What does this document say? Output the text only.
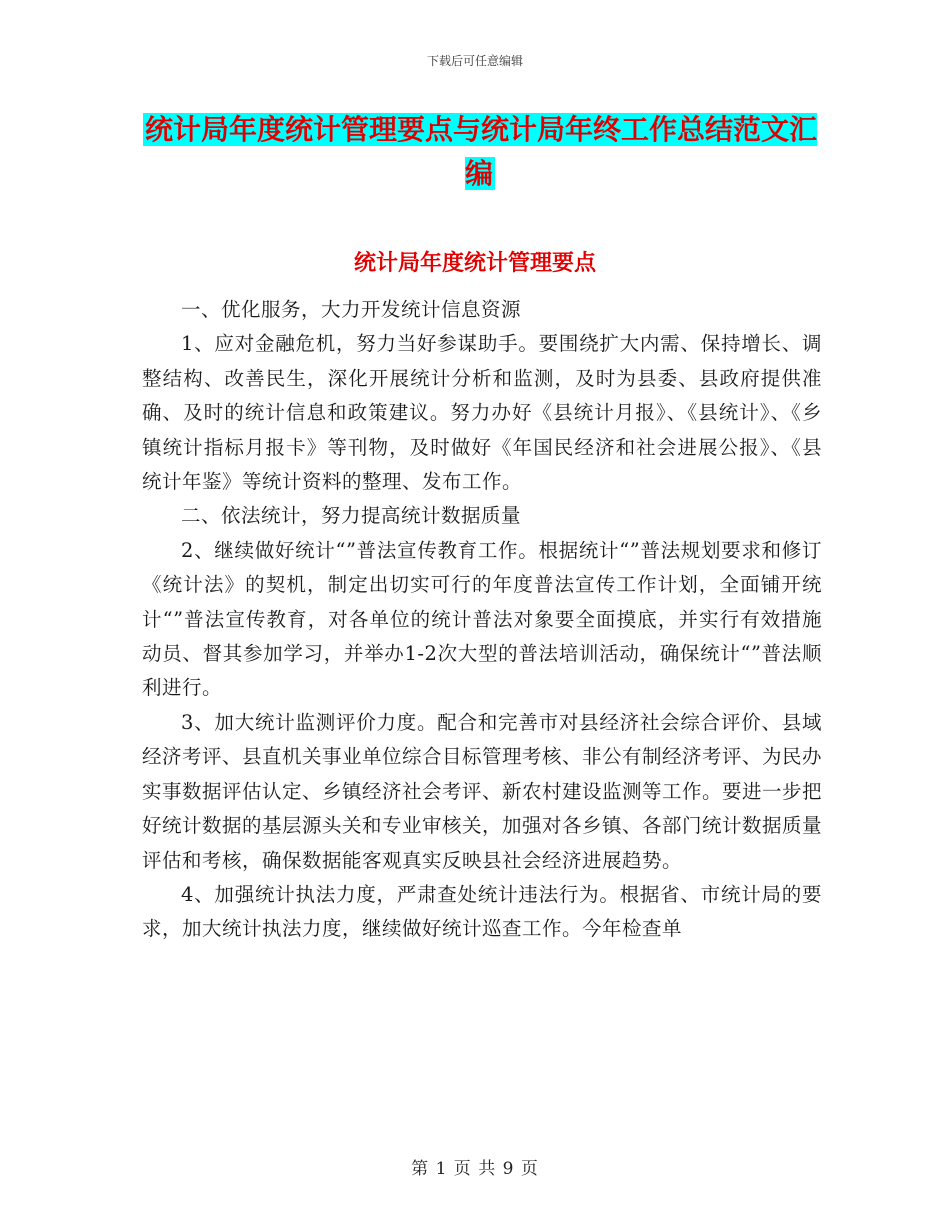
下载后可任意编辑
统计局年度统计管理要点与统计局年终工作总结范文汇编
统计局年度统计管理要点

一、优化服务，大力开发统计信息资源

1、应对金融危机，努力当好参谋助手。要围绕扩大内需、保持增长、调整结构、改善民生，深化开展统计分析和监测，及时为县委、县政府提供准确、及时的统计信息和政策建议。努力办好《县统计月报》、《县统计》、《乡镇统计指标月报卡》等刊物，及时做好《年国民经济和社会进展公报》、《县统计年鉴》等统计资料的整理、发布工作。

二、依法统计，努力提高统计数据质量

2、继续做好统计“”普法宣传教育工作。根据统计“”普法规划要求和修订《统计法》的契机，制定出切实可行的年度普法宣传工作计划，全面铺开统计“”普法宣传教育，对各单位的统计普法对象要全面摸底，并实行有效措施动员、督其参加学习，并举办1-2次大型的普法培训活动，确保统计“”普法顺利进行。

3、加大统计监测评价力度。配合和完善市对县经济社会综合评价、县域经济考评、县直机关事业单位综合目标管理考核、非公有制经济考评、为民办实事数据评估认定、乡镇经济社会考评、新农村建设监测等工作。要进一步把好统计数据的基层源头关和专业审核关，加强对各乡镇、各部门统计数据质量评估和考核，确保数据能客观真实反映县社会经济进展趋势。

4、加强统计执法力度，严肃查处统计违法行为。根据省、市统计局的要求，加大统计执法力度，继续做好统计巡查工作。今年检查单

第 1 页 共 9 页
